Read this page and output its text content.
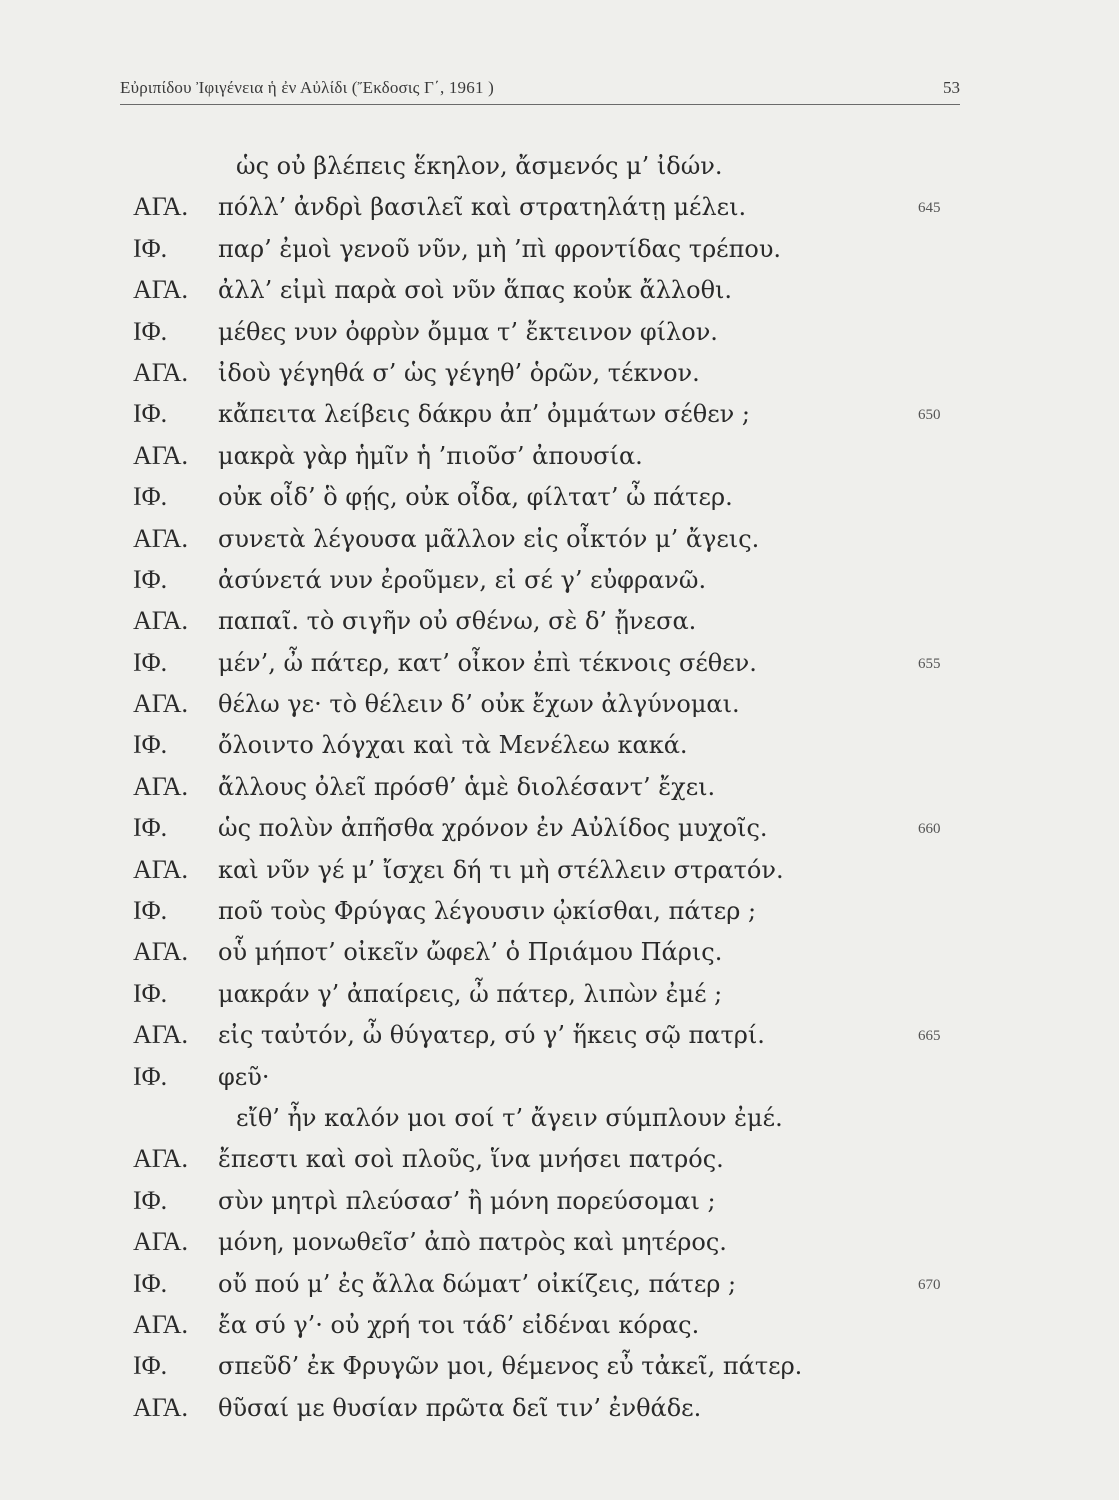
Εὐριπίδου Ἰφιγένεια ἡ ἐν Αὐλίδι (Ἔκδοσις Γ΄, 1961 )	53
ὡς οὐ βλέπεις ἕκηλον, ἄσμενός μ’ ἰδών.
ΑΓΑ. πόλλ’ ἀνδρὶ βασιλεῖ καὶ στρατηλάτῃ μέλει.	645
ΙΦ. παρ’ ἐμοὶ γενοῦ νῦν, μὴ ’πὶ φροντίδας τρέπου.
ΑΓΑ. ἀλλ’ εἰμὶ παρὰ σοὶ νῦν ἅπας κοὐκ ἄλλοθι.
ΙΦ. μέθες νυν ὀφρὺν ὄμμα τ’ ἔκτεινον φίλον.
ΑΓΑ. ἰδοὺ γέγηθά σ’ ὡς γέγηθ’ ὁρῶν, τέκνον.
ΙΦ. κἄπειτα λείβεις δάκρυ ἀπ’ ὀμμάτων σέθεν ;	650
ΑΓΑ. μακρὰ γὰρ ἡμῖν ἡ ’πιοῦσ’ ἀπουσία.
ΙΦ. οὐκ οἶδ’ ὃ φῄς, οὐκ οἶδα, φίλτατ’ ὦ πάτερ.
ΑΓΑ. συνετὰ λέγουσα μᾶλλον εἰς οἶκτόν μ’ ἄγεις.
ΙΦ. ἀσύνετά νυν ἐροῦμεν, εἰ σέ γ’ εὐφρανῶ.
ΑΓΑ. παπαῖ. τὸ σιγῆν οὐ σθένω, σὲ δ’ ᾔνεσα.
ΙΦ. μέν’, ὦ πάτερ, κατ’ οἶκον ἐπὶ τέκνοις σέθεν.	655
ΑΓΑ. θέλω γε· τὸ θέλειν δ’ οὐκ ἔχων ἀλγύνομαι.
ΙΦ. ὄλοιντο λόγχαι καὶ τὰ Μενέλεω κακά.
ΑΓΑ. ἄλλους ὀλεῖ πρόσθ’ ἁμὲ διολέσαντ’ ἔχει.
ΙΦ. ὡς πολὺν ἀπῆσθα χρόνον ἐν Αὐλίδος μυχοῖς.	660
ΑΓΑ. καὶ νῦν γέ μ’ ἴσχει δή τι μὴ στέλλειν στρατόν.
ΙΦ. ποῦ τοὺς Φρύγας λέγουσιν ᾠκίσθαι, πάτερ ;
ΑΓΑ. οὗ μήποτ’ οἰκεῖν ὤφελ’ ὁ Πριάμου Πάρις.
ΙΦ. μακράν γ’ ἀπαίρεις, ὦ πάτερ, λιπὼν ἐμέ ;
ΑΓΑ. εἰς ταὐτόν, ὦ θύγατερ, σύ γ’ ἥκεις σῷ πατρί.	665
ΙΦ. φεῦ·
εἴθ’ ἦν καλόν μοι σοί τ’ ἄγειν σύμπλουν ἐμέ.
ΑΓΑ. ἔπεστι καὶ σοὶ πλοῦς, ἵνα μνήσει πατρός.
ΙΦ. σὺν μητρὶ πλεύσασ’ ἢ μόνη πορεύσομαι ;
ΑΓΑ. μόνη, μονωθεῖσ’ ἀπὸ πατρὸς καὶ μητέρος.
ΙΦ. οὔ πού μ’ ἐς ἄλλα δώματ’ οἰκίζεις, πάτερ ;	670
ΑΓΑ. ἔα σύ γ’· οὐ χρή τοι τάδ’ εἰδέναι κόρας.
ΙΦ. σπεῦδ’ ἐκ Φρυγῶν μοι, θέμενος εὖ τἀκεῖ, πάτερ.
ΑΓΑ. θῦσαί με θυσίαν πρῶτα δεῖ τιν’ ἐνθάδε.
